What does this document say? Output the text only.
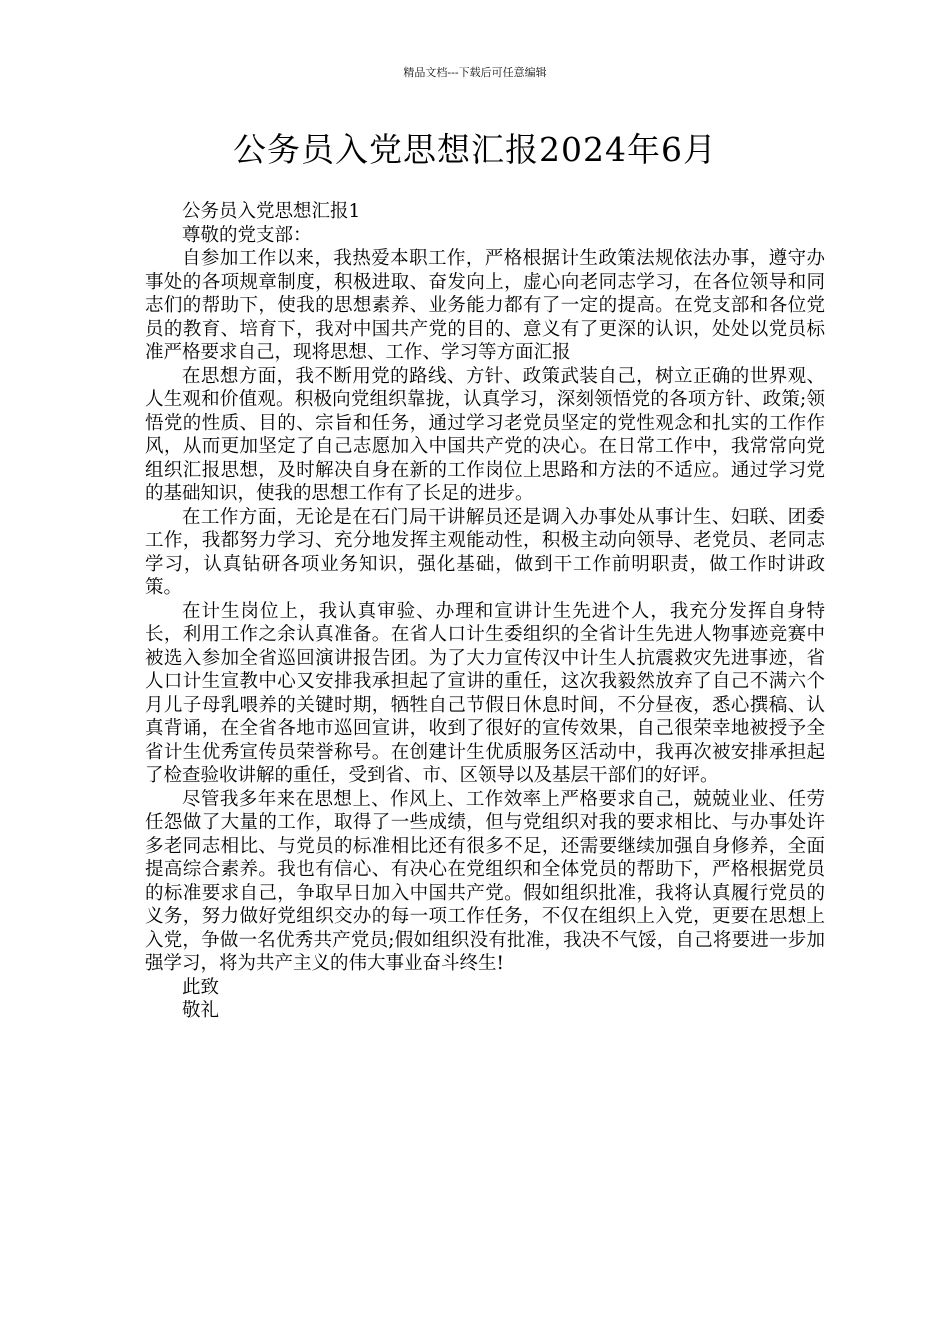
精品文档---下载后可任意编辑
公务员入党思想汇报2024年6月

公务员入党思想汇报1

尊敬的党支部：

自参加工作以来，我热爱本职工作，严格根据计生政策法规依法办事，遵守办事处的各项规章制度，积极进取、奋发向上，虚心向老同志学习，在各位领导和同志们的帮助下，使我的思想素养、业务能力都有了一定的提高。在党支部和各位党员的教育、培育下，我对中国共产党的目的、意义有了更深的认识，处处以党员标准严格要求自己，现将思想、工作、学习等方面汇报

在思想方面，我不断用党的路线、方针、政策武装自己，树立正确的世界观、人生观和价值观。积极向党组织靠拢，认真学习，深刻领悟党的各项方针、政策;领悟党的性质、目的、宗旨和任务，通过学习老党员坚定的党性观念和扎实的工作作风，从而更加坚定了自己志愿加入中国共产党的决心。在日常工作中，我常常向党组织汇报思想，及时解决自身在新的工作岗位上思路和方法的不适应。通过学习党的基础知识，使我的思想工作有了长足的进步。

在工作方面，无论是在石门局干讲解员还是调入办事处从事计生、妇联、团委工作，我都努力学习、充分地发挥主观能动性，积极主动向领导、老党员、老同志学习，认真钻研各项业务知识，强化基础，做到干工作前明职责，做工作时讲政策。

在计生岗位上，我认真审验、办理和宣讲计生先进个人，我充分发挥自身特长，利用工作之余认真准备。在省人口计生委组织的全省计生先进人物事迹竞赛中被选入参加全省巡回演讲报告团。为了大力宣传汉中计生人抗震救灾先进事迹，省人口计生宣教中心又安排我承担起了宣讲的重任，这次我毅然放弃了自己不满六个月儿子母乳喂养的关键时期，牺牲自己节假日休息时间，不分昼夜，悉心撰稿、认真背诵，在全省各地市巡回宣讲，收到了很好的宣传效果，自己很荣幸地被授予全省计生优秀宣传员荣誉称号。在创建计生优质服务区活动中，我再次被安排承担起了检查验收讲解的重任，受到省、市、区领导以及基层干部们的好评。

尽管我多年来在思想上、作风上、工作效率上严格要求自己，兢兢业业、任劳任怨做了大量的工作，取得了一些成绩，但与党组织对我的要求相比、与办事处许多老同志相比、与党员的标准相比还有很多不足，还需要继续加强自身修养，全面提高综合素养。我也有信心、有决心在党组织和全体党员的帮助下，严格根据党员的标准要求自己，争取早日加入中国共产党。假如组织批准，我将认真履行党员的义务，努力做好党组织交办的每一项工作任务，不仅在组织上入党，更要在思想上入党，争做一名优秀共产党员;假如组织没有批准，我决不气馁，自己将要进一步加强学习，将为共产主义的伟大事业奋斗终生!

此致

敬礼
